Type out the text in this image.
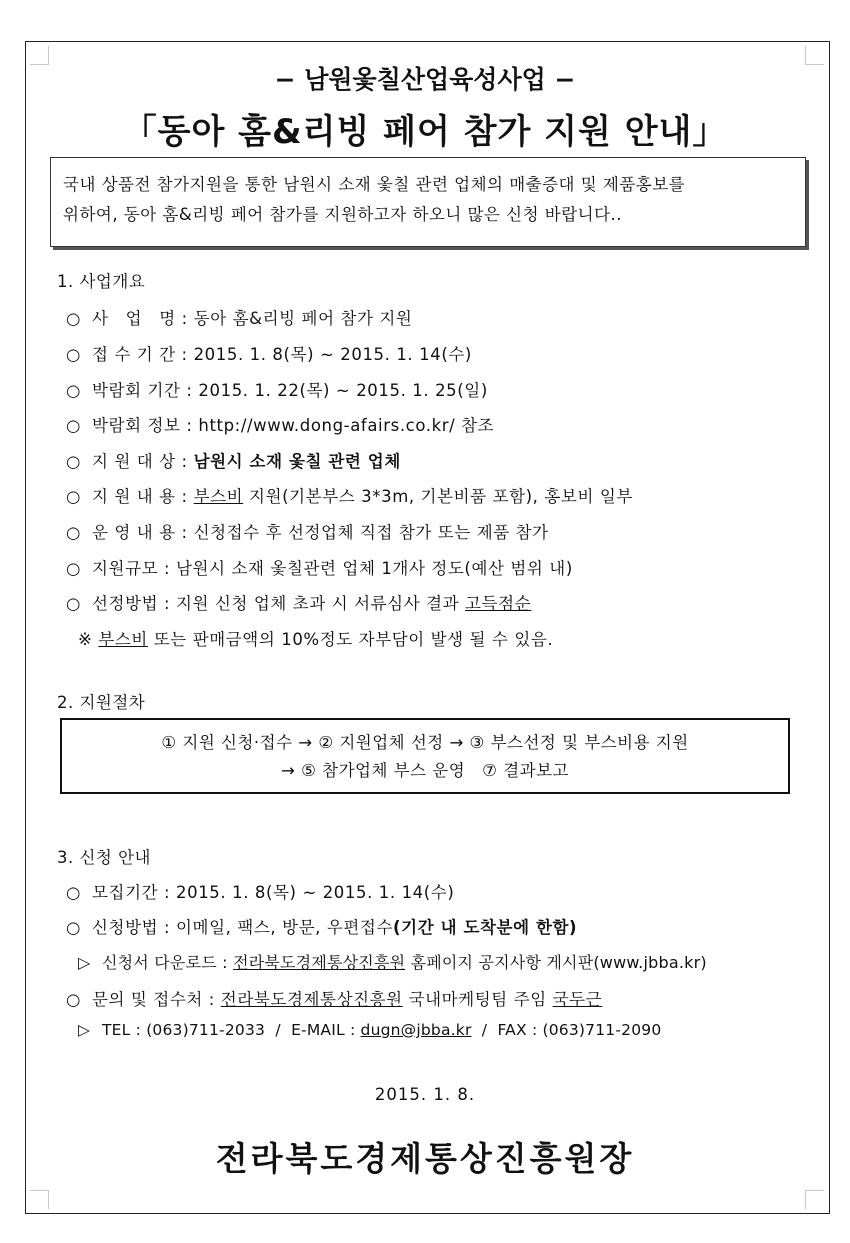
− 남원옻칠산업육성사업 −
「동아 홈&리빙 페어 참가 지원 안내」
국내 상품전 참가지원을 통한 남원시 소재 옻칠 관련 업체의 매출증대 및 제품홍보를
위하여, 동아 홈&리빙 페어 참가를 지원하고자 하오니 많은 신청 바랍니다..
1. 사업개요
○ 사　업　명 : 동아 홈&리빙 페어 참가 지원
○ 접 수 기 간 : 2015. 1. 8(목) ∼ 2015. 1. 14(수)
○ 박람회 기간 : 2015. 1. 22(목) ∼ 2015. 1. 25(일)
○ 박람회 정보 : http://www.dong-afairs.co.kr/ 참조
○ 지 원 대 상 : 남원시 소재 옻칠 관련 업체
○ 지 원 내 용 : 부스비 지원(기본부스 3*3m, 기본비품 포함), 홍보비 일부
○ 운 영 내 용 : 신청접수 후 선정업체 직접 참가 또는 제품 참가
○ 지원규모 : 남원시 소재 옻칠관련 업체 1개사 정도(예산 범위 내)
○ 선정방법 : 지원 신청 업체 초과 시 서류심사 결과 고득점순
※ 부스비 또는 판매금액의 10%정도 자부담이 발생 될 수 있음.
2. 지원절차
① 지원 신청·접수 → ② 지원업체 선정 → ③ 부스선정 및 부스비용 지원
→ ⑤ 참가업체 부스 운영　⑦ 결과보고
3. 신청 안내
○ 모집기간 : 2015. 1. 8(목) ∼ 2015. 1. 14(수)
○ 신청방법 : 이메일, 팩스, 방문, 우편접수(기간 내 도착분에 한함)
▷ 신청서 다운로드 : 전라북도경제통상진흥원 홈페이지 공지사항 게시판(www.jbba.kr)
○ 문의 및 접수처 : 전라북도경제통상진흥원 국내마케팅팀 주임 국두근
▷ TEL : (063)711-2033 / E-MAIL : dugn@jbba.kr / FAX : (063)711-2090
2015. 1. 8.
전라북도경제통상진흥원장
